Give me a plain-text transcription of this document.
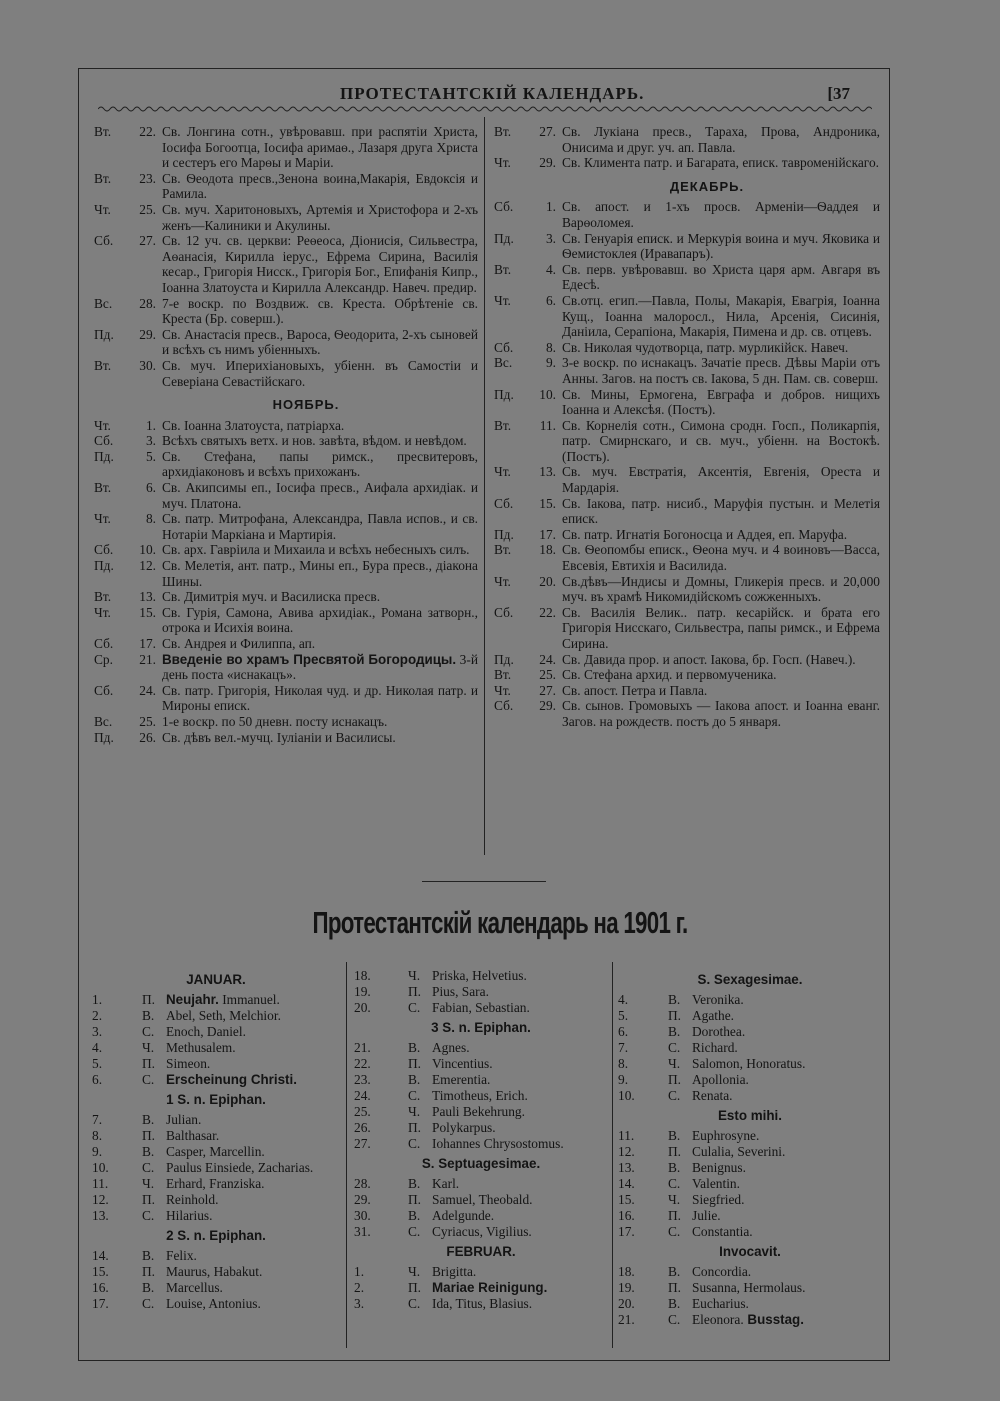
ПРОТЕСТАНТСКІЙ КАЛЕНДАРЬ.	[37
Вт.	22. Св. Лонгина сотн., увѣровавш. при распятіи Христа, Іосифа Богоотца, Іосифа аримаѳ., Лазаря друга Христа и сестеръ его Марѳы и Маріи.
Вт.	23. Св. Ѳеодота пресв.,Зенона воина,Макарія, Евдоксія и Рамила.
Чт.	25. Св. муч. Харитоновыхъ, Артемія и Христофора и 2-хъ женъ—Калиники и Акулины.
Сб.	27. Св. 12 уч. св. церкви: Реѳеоса, Діонисія, Сильвестра, Аѳанасія, Кирилла іерус., Ефрема Сирина, Василія кесар., Григорія Нисск., Григорія Бог., Епифанія Кипр., Іоанна Златоуста и Кирилла Александр. Навеч. предир.
Вс.	28. 7-е воскр. по Воздвиж. св. Креста. Обрѣтеніе св. Креста (Бр. соверш.).
Пд.	29. Св. Анастасія пресв., Вароса, Ѳеодорита, 2-хъ сыновей и всѣхъ съ нимъ убіенныхъ.
Вт.	30. Св. муч. Иперихіановыхъ, убіенн. въ Самостіи и Северіана Севастійскаго.
НОЯБРЬ.
Чт.	1. Св. Іоанна Златоуста, патріарха.
Сб.	3. Всѣхъ святыхъ ветх. и нов. завѣта, вѣдом. и невѣдом.
Пд.	5. Св. Стефана, папы римск., пресвитеровъ, архидіаконовъ и всѣхъ прихожанъ.
Вт.	6. Св. Акипсимы еп., Іосифа пресв., Аифала архидіак. и муч. Платона.
Чт.	8. Св. патр. Митрофана, Александра, Павла испов., и св. Нотаріи Маркіана и Мартирія.
Сб.	10. Св. арх. Гавріила и Михаила и всѣхъ небесныхъ силъ.
Пд.	12. Св. Мелетія, ант. патр., Мины еп., Бура пресв., діакона Шины.
Вт.	13. Св. Димитрія муч. и Василиска пресв.
Чт.	15. Св. Гурія, Самона, Авива архидіак., Романа затворн., отрока и Исихія воина.
Сб.	17. Св. Андрея и Филиппа, ап.
Ср.	21. Введеніе во храмъ Пресвятой Богородицы. 3-й день поста «иснакацъ».
Сб.	24. Св. патр. Григорія, Николая чуд. и др. Николая патр. и Мироны еписк.
Вс.	25. 1-е воскр. по 50 дневн. посту иснакацъ.
Пд.	26. Св. дѣвъ вел.-мучц. Іуліаніи и Василисы.
Вт.	27. Св. Лукіана пресв., Тараха, Прова, Андроника, Онисима и друг. уч. ап. Павла.
Чт.	29. Св. Климента патр. и Багарата, еписк. тавроменійскаго.
ДЕКАБРЬ.
Сб.	1. Св. апост. и 1-хъ просв. Арменіи—Ѳаддея и Варѳоломея.
Пд.	3. Св. Генуарія еписк. и Меркурія воина и муч. Яковика и Ѳемистоклея (Иравапаръ).
Вт.	4. Св. перв. увѣровавш. во Христа царя арм. Авгаря въ Едесѣ.
Чт.	6. Св.отц. егип.—Павла, Полы, Макарія, Евагрія, Іоанна Кущ., Іоанна малоросл., Нила, Арсенія, Сисинія, Даніила, Серапіона, Макарія, Пимена и др. св. отцевъ.
Сб.	8. Св. Николая чудотворца, патр. мурликійск. Навеч.
Вс.	9. 3-е воскр. по иснакацъ. Зачатіе пресв. Дѣвы Маріи отъ Анны. Загов. на постъ св. Іакова, 5 дн. Пам. св. соверш.
Пд.	10. Св. Мины, Ермогена, Евграфа и добров. нищихъ Іоанна и Алексѣя. (Постъ).
Вт.	11. Св. Корнелія сотн., Симона сродн. Госп., Поликарпія, патр. Смирнскаго, и св. муч., убіенн. на Востокѣ. (Постъ).
Чт.	13. Св. муч. Евстратія, Аксентія, Евгенія, Ореста и Мардарія.
Сб.	15. Св. Іакова, патр. нисиб., Маруфія пустын. и Мелетія еписк.
Пд.	17. Св. патр. Игнатія Богоносца и Аддея, еп. Маруфа.
Вт.	18. Св. Ѳеопомбы еписк., Ѳеона муч. и 4 воиновъ—Васса, Евсевія, Евтихія и Василида.
Чт.	20. Св.дѣвъ—Индисы и Домны, Гликерія пресв. и 20,000 муч. въ храмѣ Никомидійскомъ сожженныхъ.
Сб.	22. Св. Василія Велик.. патр. кесарійск. и брата его Григорія Нисскаго, Сильвестра, папы римск., и Ефрема Сирина.
Пд.	24. Св. Давида прор. и апост. Іакова, бр. Госп. (Навеч.).
Вт.	25. Св. Стефана архид. и первомученика.
Чт.	27. Св. апост. Петра и Павла.
Сб.	29. Св. сынов. Громовыхъ — Іакова апост. и Іоанна еванг. Загов. на рождеств. постъ до 5 января.
Протестантскій календарь на 1901 г.
JANUAR.
1.	П. Neujahr. Immanuel.
2.	В. Abel, Seth, Melchior.
3.	С. Enoch, Daniel.
4.	Ч. Methusalem.
5.	П. Simeon.
6.	С. Erscheinung Christi.
1 S. n. Epiphan.
7.	В. Julian.
8.	П. Balthasar.
9.	В. Casper, Marcellin.
10.	С. Paulus Einsiede, Zacharias.
11.	Ч. Erhard, Franziska.
12.	П. Reinhold.
13.	С. Hilarius.
2 S. n. Epiphan.
14.	В. Felix.
15.	П. Maurus, Habakut.
16.	В. Marcellus.
17.	С. Louise, Antonius.
18.	Ч. Priska, Helvetius.
19.	П. Pius, Sara.
20.	С. Fabian, Sebastian.
3 S. n. Epiphan.
21.	В. Agnes.
22.	П. Vincentius.
23.	В. Emerentia.
24.	С. Timotheus, Erich.
25.	Ч. Pauli Bekehrung.
26.	П. Polykarpus.
27.	С. Iohannes Chrysostomus.
S. Septuagesimae.
28.	В. Karl.
29.	П. Samuel, Theobald.
30.	В. Adelgunde.
31.	С. Cyriacus, Vigilius.
FEBRUAR.
1.	Ч. Brigitta.
2.	П. Mariae Reinigung.
3.	С. Ida, Titus, Blasius.
S. Sexagesimae.
4.	В. Veronika.
5.	П. Agathe.
6.	В. Dorothea.
7.	С. Richard.
8.	Ч. Salomon, Honoratus.
9.	П. Apollonia.
10.	С. Renata.
Esto mihi.
11.	В. Euphrosyne.
12.	П. Culalia, Severini.
13.	В. Benignus.
14.	С. Valentin.
15.	Ч. Siegfried.
16.	П. Julie.
17.	С. Constantia.
Invocavit.
18.	В. Concordia.
19.	П. Susanna, Hermolaus.
20.	В. Eucharius.
21.	С. Eleonora. Busstag.
